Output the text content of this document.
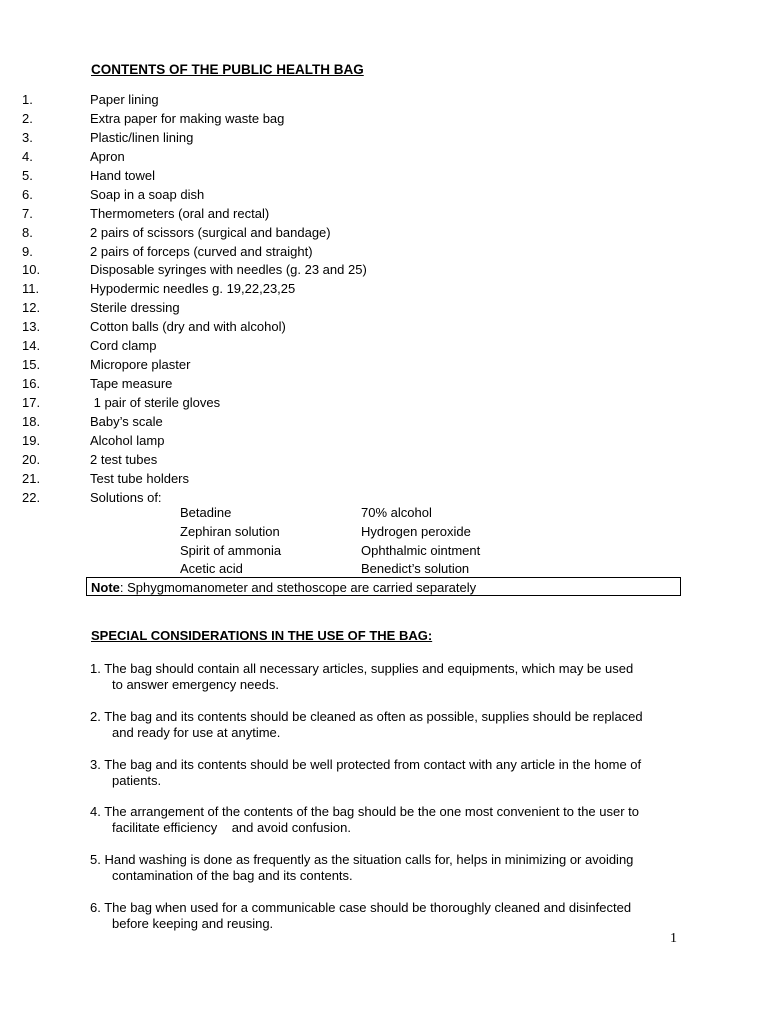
CONTENTS OF THE PUBLIC HEALTH BAG
1.	Paper lining
2.	Extra paper for making waste bag
3.	Plastic/linen lining
4.	Apron
5.	Hand towel
6.	Soap in a soap dish
7.	Thermometers (oral and rectal)
8.	2 pairs of scissors (surgical and bandage)
9.	2 pairs of forceps (curved and straight)
10.	Disposable syringes with needles (g. 23 and 25)
11.	Hypodermic needles g. 19,22,23,25
12.	Sterile dressing
13.	Cotton balls (dry and with alcohol)
14.	Cord clamp
15.	Micropore plaster
16.	Tape measure
17.	1 pair of sterile gloves
18.	Baby’s scale
19.	Alcohol lamp
20.	2 test tubes
21.	Test tube holders
22.	Solutions of:
Betadine	70% alcohol
Zephiran solution	Hydrogen peroxide
Spirit of ammonia	Ophthalmic ointment
Acetic acid	Benedict’s solution
Note: Sphygmomanometer and stethoscope are carried separately
SPECIAL CONSIDERATIONS IN THE USE OF THE BAG:
1. The bag should contain all necessary articles, supplies and equipments, which may be used
to answer emergency needs.
2. The bag and its contents should be cleaned as often as possible, supplies should be replaced
and ready for use at anytime.
3. The bag and its contents should be well protected from contact with any article in the home of
patients.
4. The arrangement of the contents of the bag should be the one most convenient to the user to
facilitate efficiency    and avoid confusion.
5. Hand washing is done as frequently as the situation calls for, helps in minimizing or avoiding
contamination of the bag and its contents.
6. The bag when used for a communicable case should be thoroughly cleaned and disinfected
before keeping and reusing.
1
